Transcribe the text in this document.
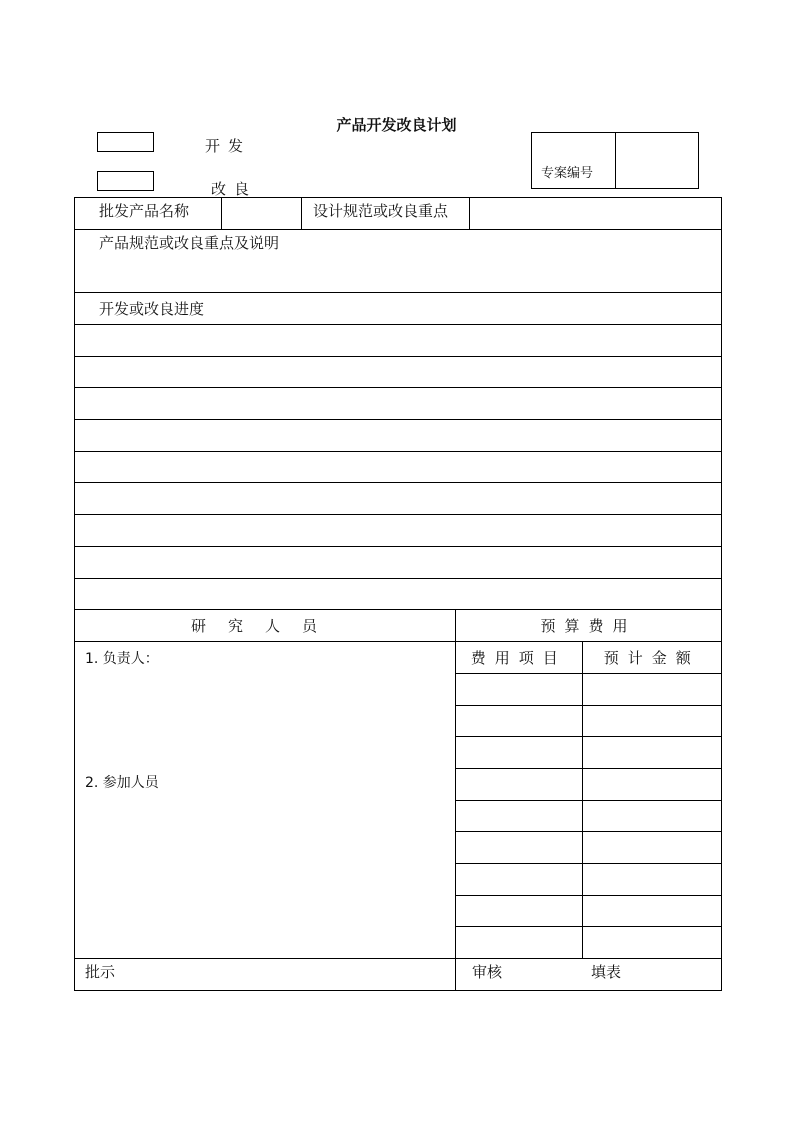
产品开发改良计划
开发
改良
专案编号
批发产品名称	设计规范或改良重点

产品规范或改良重点及说明

开发或改良进度

研究人员	预算费用

1. 负责人：
2. 参加人员

费用项目	预计金额

批示	审核	填表
